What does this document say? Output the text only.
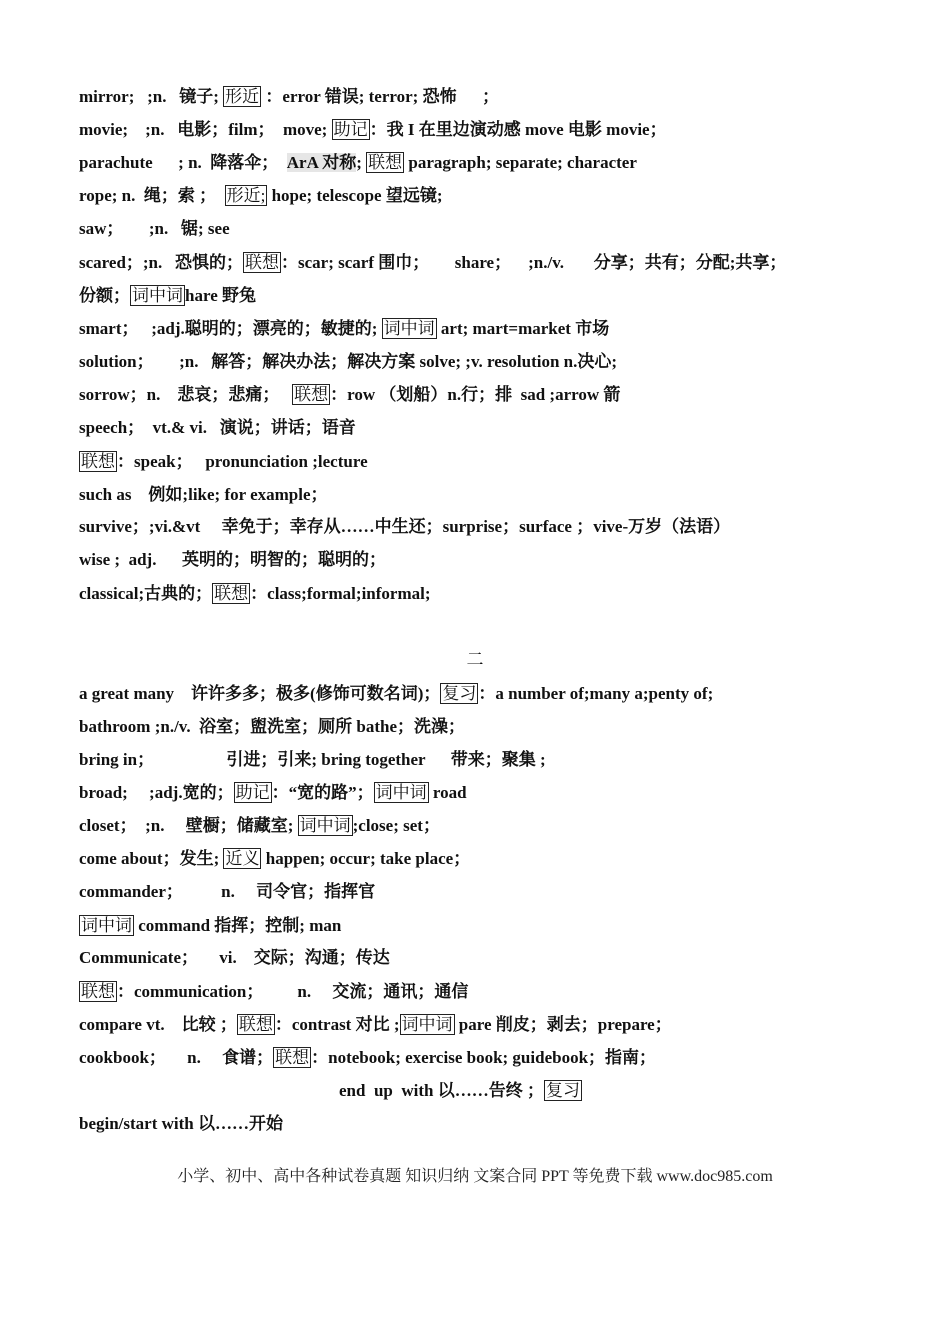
mirror;   ;n.   镜子; 形近 ：error 错误; terror; 恐怖      ；
movie;    ;n.   电影；film；  move; 助记 ：我 I 在里边演动感 move 电影 movie；
parachute      ; n.  降落伞；  ArA 对称; 联想 paragraph; separate; character
rope; n.  绳；索 ；  形近; hope; telescope 望远镜;
saw；      ;n.   锯; see
scared；;n.   恐惧的； 联想 ：scar; scarf 围巾；      share；    ;n./v.       分享；共有；分配;共享；
份额； 词中词 hare 野兔
smart；   ;adj.聪明的；漂亮的；敏捷的; 词中词 art; mart=market 市场
solution；      ;n.   解答；解决办法；解决方案 solve; ;v. resolution n.决心;
sorrow；n.    悲哀；悲痛；   联想 ：row （划船）n.行；排  sad ;arrow 箭
speech；  vt.& vi.   演说；讲话；语音
联想 ：speak；   pronunciation ;lecture
such as    例如;like; for example；
survive；;vi.&vt     幸免于；幸存从……中生还；surprise；surface ；vive-万岁（法语）
wise ;  adj.      英明的；明智的；聪明的；
classical;古典的； 联想 ：class;formal;informal;
二
a great many    许许多多；极多(修饰可数名词)； 复习 ：a number of;many a;penty of;
bathroom ;n./v.  浴室；盥洗室；厕所 bathe；洗澡；
bring in；                 引进；引来; bring together      带来；聚集 ;
broad;     ;adj.宽的； 助记 ：“宽的路”； 词中词 road
closet；  ;n.     壁橱；储藏室; 词中词 ;close; set；
come about；发生; 近义 happen; occur; take place；
commander；         n.     司令官；指挥官
词中词 command 指挥；控制; man
Communicate；     vi.    交际；沟通；传达
联想 ：communication；        n.     交流；通讯；通信
compare vt.    比较 ； 联想 ：contrast 对比 ; 词中词 pare 削皮；剥去；prepare；
cookbook；     n.     食谱； 联想 ：notebook; exercise book; guidebook；指南；
end  up  with 以……告终 ； 复习
begin/start with 以……开始
小学、初中、高中各种试卷真题 知识归纳 文案合同 PPT 等免费下载 www.doc985.com
